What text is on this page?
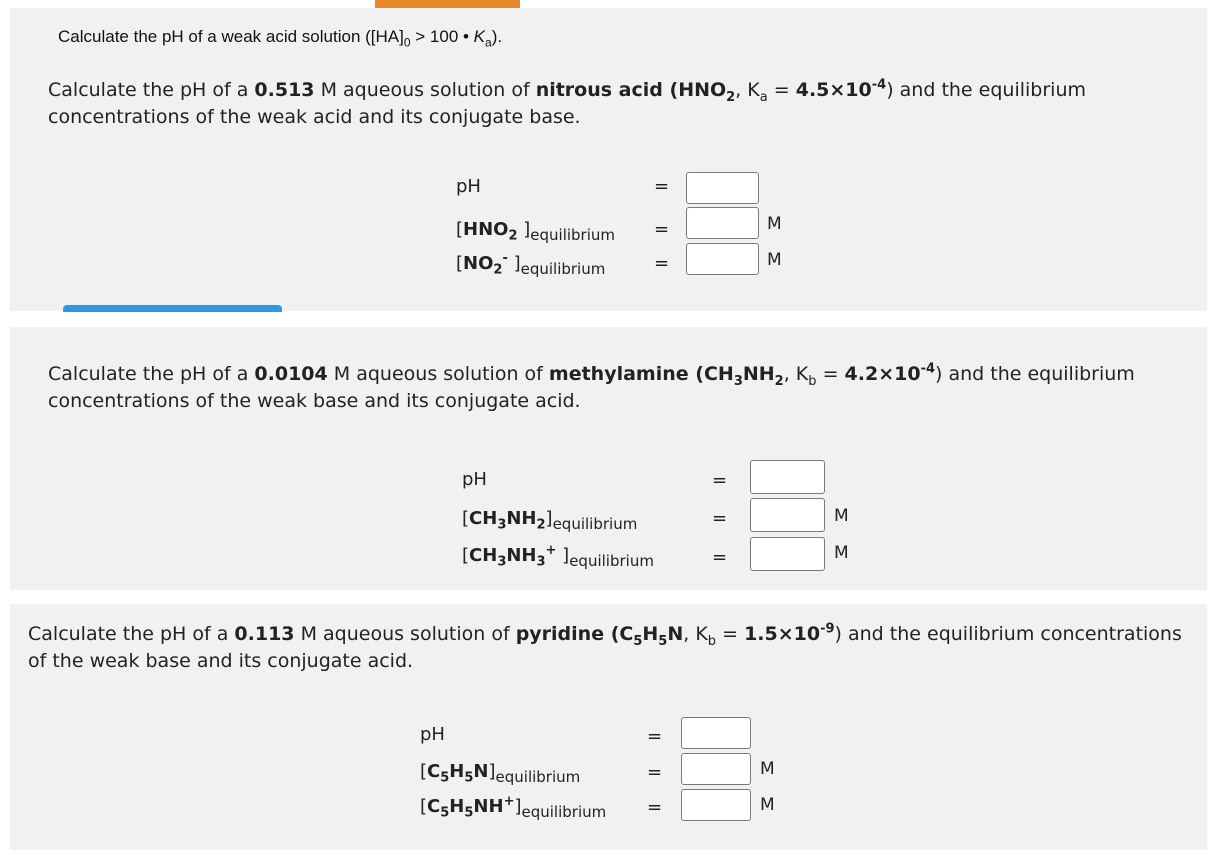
Calculate the pH of a weak acid solution ($[HA]_0 > 100$ • $K_a$).
Calculate the pH of a 0.513 M aqueous solution of nitrous acid ($HNO_2$, $K_a = 4.5\times 10^{-4}$) and the equilibrium concentrations of the weak acid and its conjugate base.
pH	=
[$HNO_2$ ]$_{equilibrium}$ =	M
[$NO_2^-$ ]$_{equilibrium}$	=	M
Calculate the pH of a 0.0104 M aqueous solution of methylamine ($CH_3NH_2$, $K_b = 4.2\times 10^{-4}$) and the equilibrium concentrations of the weak base and its conjugate acid.
pH	=
$[CH_3NH_2]_{equilibrium}$	=	M
[$CH_3NH_3^+$ ]$_{equilibrium}$	=	M
Calculate the pH of a 0.113 M aqueous solution of pyridine ($C_5H_5N$, $K_b = 1.5\times 10^{-9}$) and the equilibrium concentrations of the weak base and its conjugate acid.
pH	=
$[C_5H_5N]_{equilibrium}$	=	M
$[C_5H_5NH^+]_{equilibrium}$ =	M
